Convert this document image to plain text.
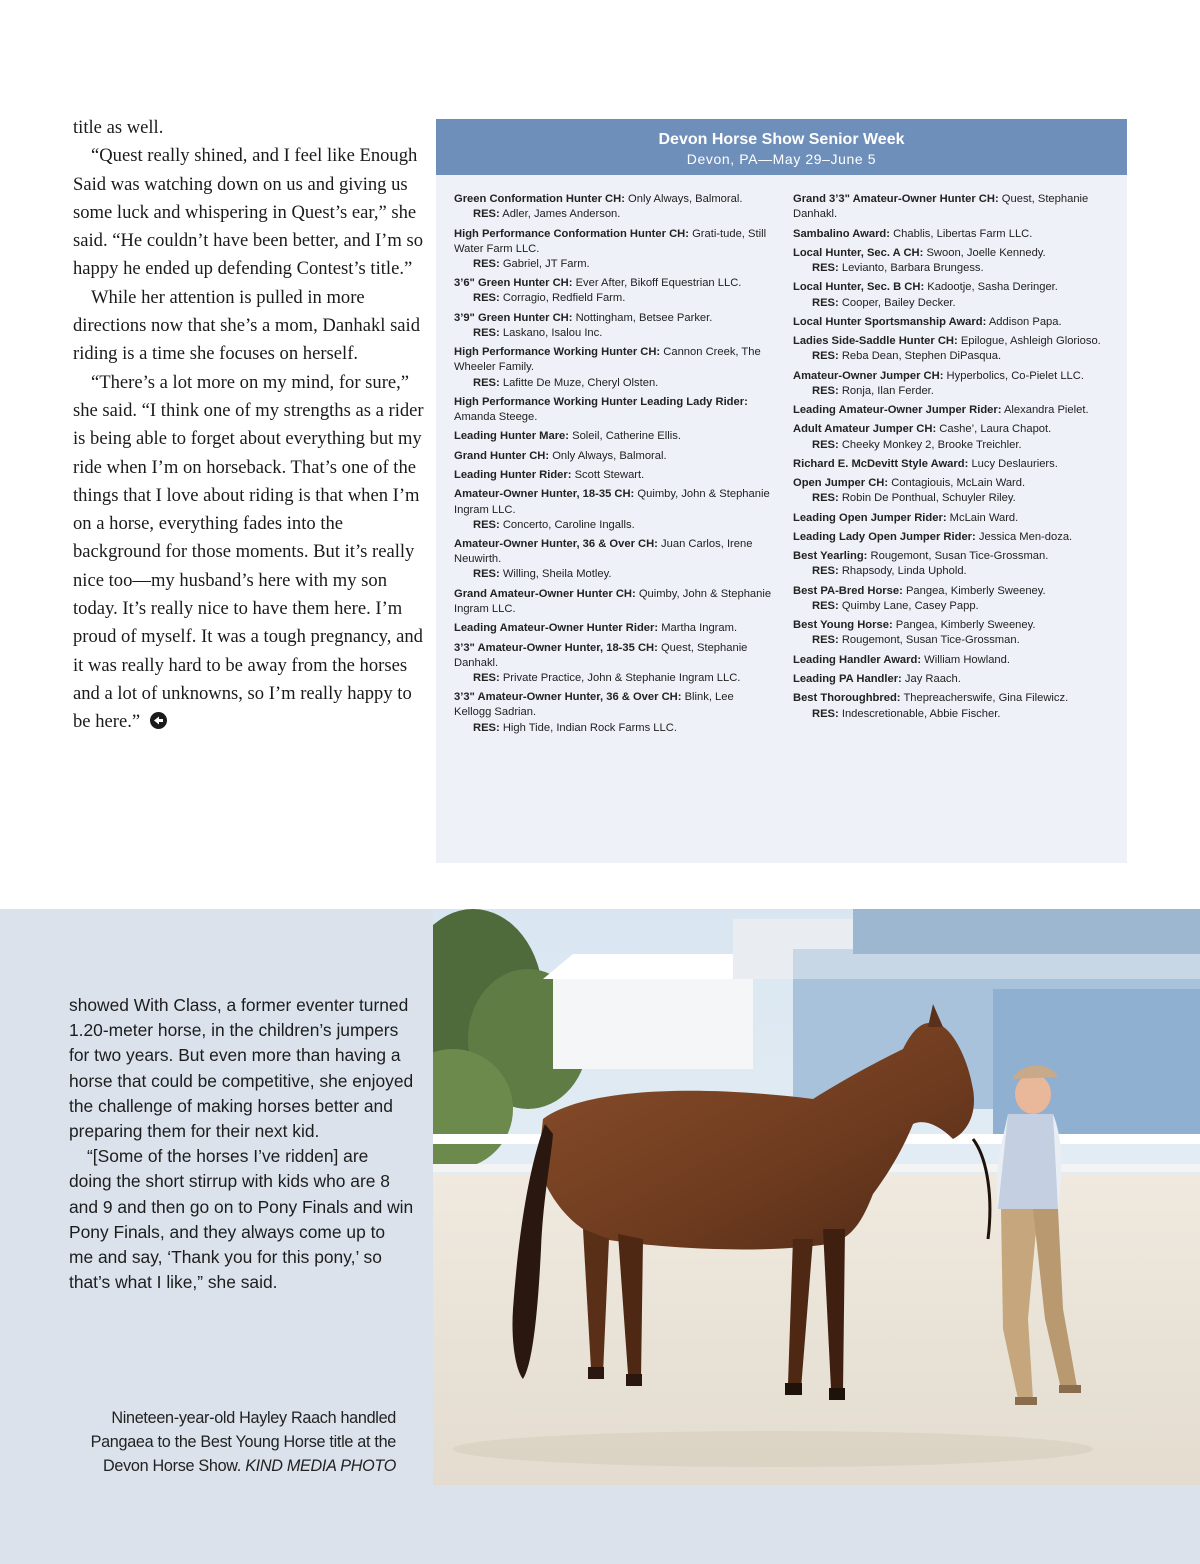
title as well.

“Quest really shined, and I feel like Enough Said was watching down on us and giving us some luck and whispering in Quest’s ear,” she said. “He couldn’t have been better, and I’m so happy he ended up defending Contest’s title.”

While her attention is pulled in more directions now that she’s a mom, Danhakl said riding is a time she focuses on herself.

“There’s a lot more on my mind, for sure,” she said. “I think one of my strengths as a rider is being able to forget about everything but my ride when I’m on horseback. That’s one of the things that I love about riding is that when I’m on a horse, everything fades into the background for those moments. But it’s really nice too—my husband’s here with my son today. It’s really nice to have them here. I’m proud of myself. It was a tough pregnancy, and it was really hard to be away from the horses and a lot of unknowns, so I’m really happy to be here.”

Devon Horse Show Senior Week
Devon, PA—May 29–June 5
Green Conformation Hunter CH: Only Always, Balmoral.
RES: Adler, James Anderson.
High Performance Conformation Hunter CH: Grati-tude, Still Water Farm LLC.
RES: Gabriel, JT Farm.
3’6" Green Hunter CH: Ever After, Bikoff Equestrian LLC.
RES: Corragio, Redfield Farm.
3’9" Green Hunter CH: Nottingham, Betsee Parker.
RES: Laskano, Isalou Inc.
High Performance Working Hunter CH: Cannon Creek, The Wheeler Family.
RES: Lafitte De Muze, Cheryl Olsten.
High Performance Working Hunter Leading Lady Rider: Amanda Steege.
Leading Hunter Mare: Soleil, Catherine Ellis.
Grand Hunter CH: Only Always, Balmoral.
Leading Hunter Rider: Scott Stewart.
Amateur-Owner Hunter, 18-35 CH: Quimby, John & Stephanie Ingram LLC.
RES: Concerto, Caroline Ingalls.
Amateur-Owner Hunter, 36 & Over CH: Juan Carlos, Irene Neuwirth.
RES: Willing, Sheila Motley.
Grand Amateur-Owner Hunter CH: Quimby, John & Stephanie Ingram LLC.
Leading Amateur-Owner Hunter Rider: Martha Ingram.
3’3" Amateur-Owner Hunter, 18-35 CH: Quest, Stephanie Danhakl.
RES: Private Practice, John & Stephanie Ingram LLC.
3’3" Amateur-Owner Hunter, 36 & Over CH: Blink, Lee Kellogg Sadrian.
RES: High Tide, Indian Rock Farms LLC.
Grand 3’3" Amateur-Owner Hunter CH: Quest, Stephanie Danhakl.
Sambalino Award: Chablis, Libertas Farm LLC.
Local Hunter, Sec. A CH: Swoon, Joelle Kennedy.
RES: Levianto, Barbara Brungess.
Local Hunter, Sec. B CH: Kadootje, Sasha Deringer.
RES: Cooper, Bailey Decker.
Local Hunter Sportsmanship Award: Addison Papa.
Ladies Side-Saddle Hunter CH: Epilogue, Ashleigh Glorioso.
RES: Reba Dean, Stephen DiPasqua.
Amateur-Owner Jumper CH: Hyperbolics, Co-Pielet LLC.
RES: Ronja, Ilan Ferder.
Leading Amateur-Owner Jumper Rider: Alexandra Pielet.
Adult Amateur Jumper CH: Cashe’, Laura Chapot.
RES: Cheeky Monkey 2, Brooke Treichler.
Richard E. McDevitt Style Award: Lucy Deslauriers.
Open Jumper CH: Contagiouis, McLain Ward.
RES: Robin De Ponthual, Schuyler Riley.
Leading Open Jumper Rider: McLain Ward.
Leading Lady Open Jumper Rider: Jessica Men-doza.
Best Yearling: Rougemont, Susan Tice-Grossman.
RES: Rhapsody, Linda Uphold.
Best PA-Bred Horse: Pangea, Kimberly Sweeney.
RES: Quimby Lane, Casey Papp.
Best Young Horse: Pangea, Kimberly Sweeney.
RES: Rougemont, Susan Tice-Grossman.
Leading Handler Award: William Howland.
Leading PA Handler: Jay Raach.
Best Thoroughbred: Thepreacherswife, Gina Filewicz.
RES: Indescretionable, Abbie Fischer.

showed With Class, a former eventer turned 1.20-meter horse, in the children’s jumpers for two years. But even more than having a horse that could be competitive, she enjoyed the challenge of making horses better and preparing them for their next kid.

“[Some of the horses I’ve ridden] are doing the short stirrup with kids who are 8 and 9 and then go on to Pony Finals and win Pony Finals, and they always come up to me and say, ‘Thank you for this pony,’ so that’s what I like,” she said.

Nineteen-year-old Hayley Raach handled Pangaea to the Best Young Horse title at the Devon Horse Show. KIND MEDIA PHOTO
